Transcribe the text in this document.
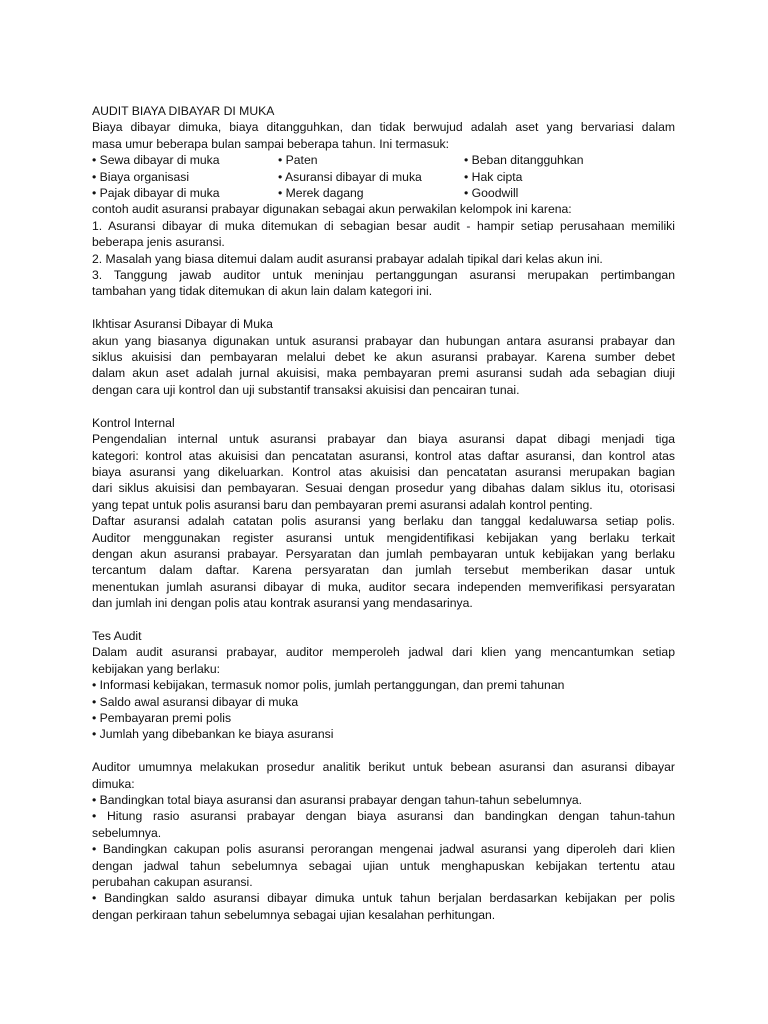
AUDIT BIAYA DIBAYAR DI MUKA

Biaya dibayar dimuka, biaya ditangguhkan, dan tidak berwujud adalah aset yang bervariasi dalam

masa umur beberapa bulan sampai beberapa tahun. Ini termasuk:

• Sewa dibayar di muka	• Paten	• Beban ditangguhkan
• Biaya organisasi	• Asuransi dibayar di muka	• Hak cipta
• Pajak dibayar di muka	• Merek dagang	• Goodwill

contoh audit asuransi prabayar digunakan sebagai akun perwakilan kelompok ini karena:

1. Asuransi dibayar di muka ditemukan di sebagian besar audit - hampir setiap perusahaan memiliki

beberapa jenis asuransi.

2. Masalah yang biasa ditemui dalam audit asuransi prabayar adalah tipikal dari kelas akun ini.

3. Tanggung jawab auditor untuk meninjau pertanggungan asuransi merupakan pertimbangan

tambahan yang tidak ditemukan di akun lain dalam kategori ini.

Ikhtisar Asuransi Dibayar di Muka

akun yang biasanya digunakan untuk asuransi prabayar dan hubungan antara asuransi prabayar dan

siklus akuisisi dan pembayaran melalui debet ke akun asuransi prabayar. Karena sumber debet

dalam akun aset adalah jurnal akuisisi, maka pembayaran premi asuransi sudah ada sebagian diuji

dengan cara uji kontrol dan uji substantif transaksi akuisisi dan pencairan tunai.

Kontrol Internal

Pengendalian internal untuk asuransi prabayar dan biaya asuransi dapat dibagi menjadi tiga

kategori: kontrol atas akuisisi dan pencatatan asuransi, kontrol atas daftar asuransi, dan kontrol atas

biaya asuransi yang dikeluarkan. Kontrol atas akuisisi dan pencatatan asuransi merupakan bagian

dari siklus akuisisi dan pembayaran. Sesuai dengan prosedur yang dibahas dalam siklus itu, otorisasi

yang tepat untuk polis asuransi baru dan pembayaran premi asuransi adalah kontrol penting.

Daftar asuransi adalah catatan polis asuransi yang berlaku dan tanggal kedaluwarsa setiap polis.

Auditor menggunakan register asuransi untuk mengidentifikasi kebijakan yang berlaku terkait

dengan akun asuransi prabayar. Persyaratan dan jumlah pembayaran untuk kebijakan yang berlaku

tercantum dalam daftar. Karena persyaratan dan jumlah tersebut memberikan dasar untuk

menentukan jumlah asuransi dibayar di muka, auditor secara independen memverifikasi persyaratan

dan jumlah ini dengan polis atau kontrak asuransi yang mendasarinya.

Tes Audit

Dalam audit asuransi prabayar, auditor memperoleh jadwal dari klien yang mencantumkan setiap

kebijakan yang berlaku:

• Informasi kebijakan, termasuk nomor polis, jumlah pertanggungan, dan premi tahunan

• Saldo awal asuransi dibayar di muka

• Pembayaran premi polis

• Jumlah yang dibebankan ke biaya asuransi

Auditor umumnya melakukan prosedur analitik berikut untuk bebean asuransi dan asuransi dibayar

dimuka:

• Bandingkan total biaya asuransi dan asuransi prabayar dengan tahun-tahun sebelumnya.

• Hitung rasio asuransi prabayar dengan biaya asuransi dan bandingkan dengan tahun-tahun

sebelumnya.

• Bandingkan cakupan polis asuransi perorangan mengenai jadwal asuransi yang diperoleh dari klien

dengan jadwal tahun sebelumnya sebagai ujian untuk menghapuskan kebijakan tertentu atau

perubahan cakupan asuransi.

• Bandingkan saldo asuransi dibayar dimuka untuk tahun berjalan berdasarkan kebijakan per polis

dengan perkiraan tahun sebelumnya sebagai ujian kesalahan perhitungan.
